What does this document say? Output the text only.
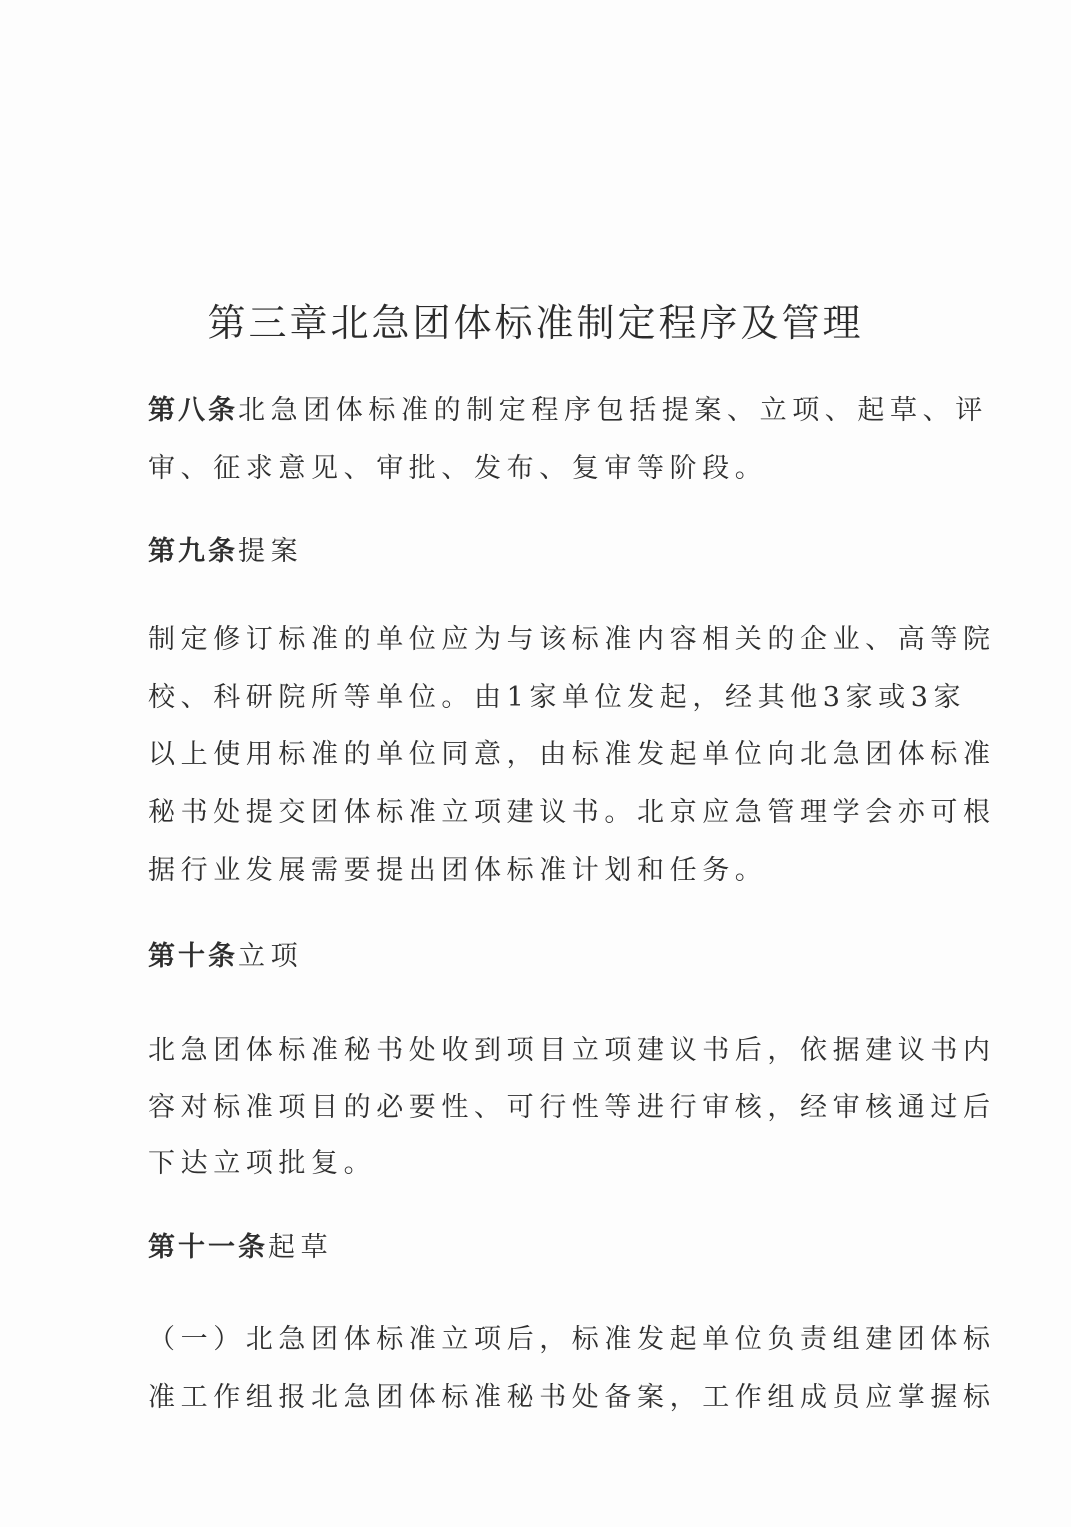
第三章北急团体标准制定程序及管理
第八条北急团体标准的制定程序包括提案、立项、起草、评
审、征求意见、审批、发布、复审等阶段。
第九条提案
制定修订标准的单位应为与该标准内容相关的企业、高等院
校、科研院所等单位。由1家单位发起，经其他3家或3家
以上使用标准的单位同意，由标准发起单位向北急团体标准
秘书处提交团体标准立项建议书。北京应急管理学会亦可根
据行业发展需要提出团体标准计划和任务。
第十条立项
北急团体标准秘书处收到项目立项建议书后，依据建议书内
容对标准项目的必要性、可行性等进行审核，经审核通过后
下达立项批复。
第十一条起草
（一）北急团体标准立项后，标准发起单位负责组建团体标
准工作组报北急团体标准秘书处备案，工作组成员应掌握标
